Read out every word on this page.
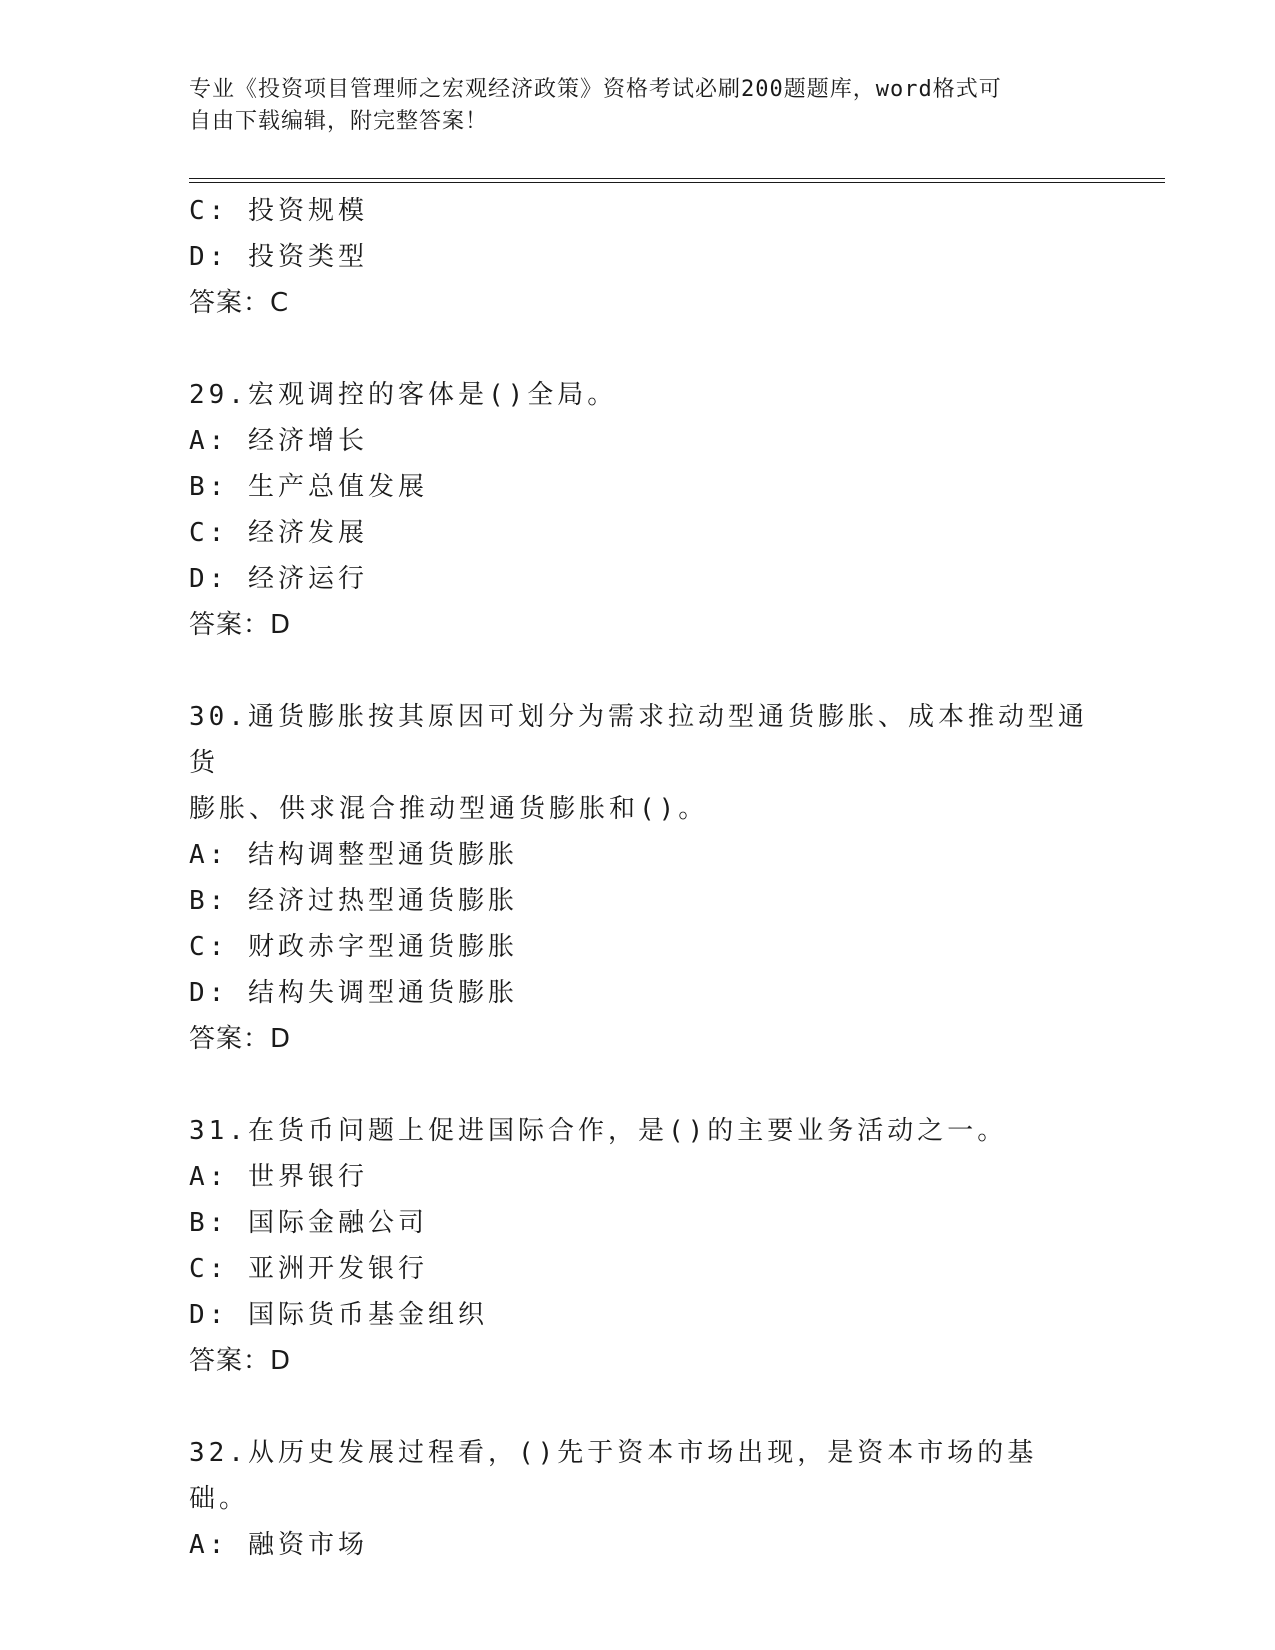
专业《投资项目管理师之宏观经济政策》资格考试必刷200题题库，word格式可
自由下载编辑，附完整答案！
C: 投资规模
D: 投资类型
答案：C
29.宏观调控的客体是()全局。
A: 经济增长
B: 生产总值发展
C: 经济发展
D: 经济运行
答案：D
30.通货膨胀按其原因可划分为需求拉动型通货膨胀、成本推动型通货
膨胀、供求混合推动型通货膨胀和()。
A: 结构调整型通货膨胀
B: 经济过热型通货膨胀
C: 财政赤字型通货膨胀
D: 结构失调型通货膨胀
答案：D
31.在货币问题上促进国际合作，是()的主要业务活动之一。
A: 世界银行
B: 国际金融公司
C: 亚洲开发银行
D: 国际货币基金组织
答案：D
32.从历史发展过程看，()先于资本市场出现，是资本市场的基础。
A: 融资市场
